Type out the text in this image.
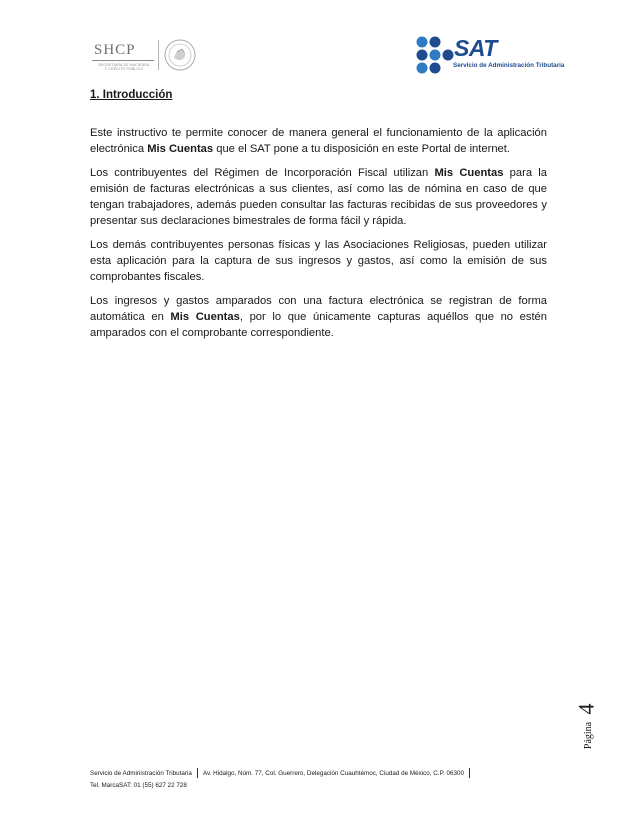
SHCP
SECRETARÍA DE HACIENDA Y CRÉDITO PÚBLICO
SAT
Servicio de Administración Tributaria
1. Introducción

Este instructivo te permite conocer de manera general el funcionamiento de la aplicación electrónica Mis Cuentas que el SAT pone a tu disposición en este Portal de internet.

Los contribuyentes del Régimen de Incorporación Fiscal utilizan Mis Cuentas para la emisión de facturas electrónicas a sus clientes, así como las de nómina en caso de que tengan trabajadores, además pueden consultar las facturas recibidas de sus proveedores y presentar sus declaraciones bimestrales de forma fácil y rápida.

Los demás contribuyentes personas físicas y las Asociaciones Religiosas, pueden utilizar esta aplicación para la captura de sus ingresos y gastos, así como la emisión de sus comprobantes fiscales.

Los ingresos y gastos amparados con una factura electrónica se registran de forma automática en Mis Cuentas, por lo que únicamente capturas aquéllos que no estén amparados con el comprobante correspondiente.

4
Página
Servicio de Administración Tributaria Av. Hidalgo, Núm. 77, Col. Guerrero, Delegación Cuauhtémoc, Ciudad de México, C.P. 06300
Tel. MarcaSAT: 01 (55) 627 22 728
